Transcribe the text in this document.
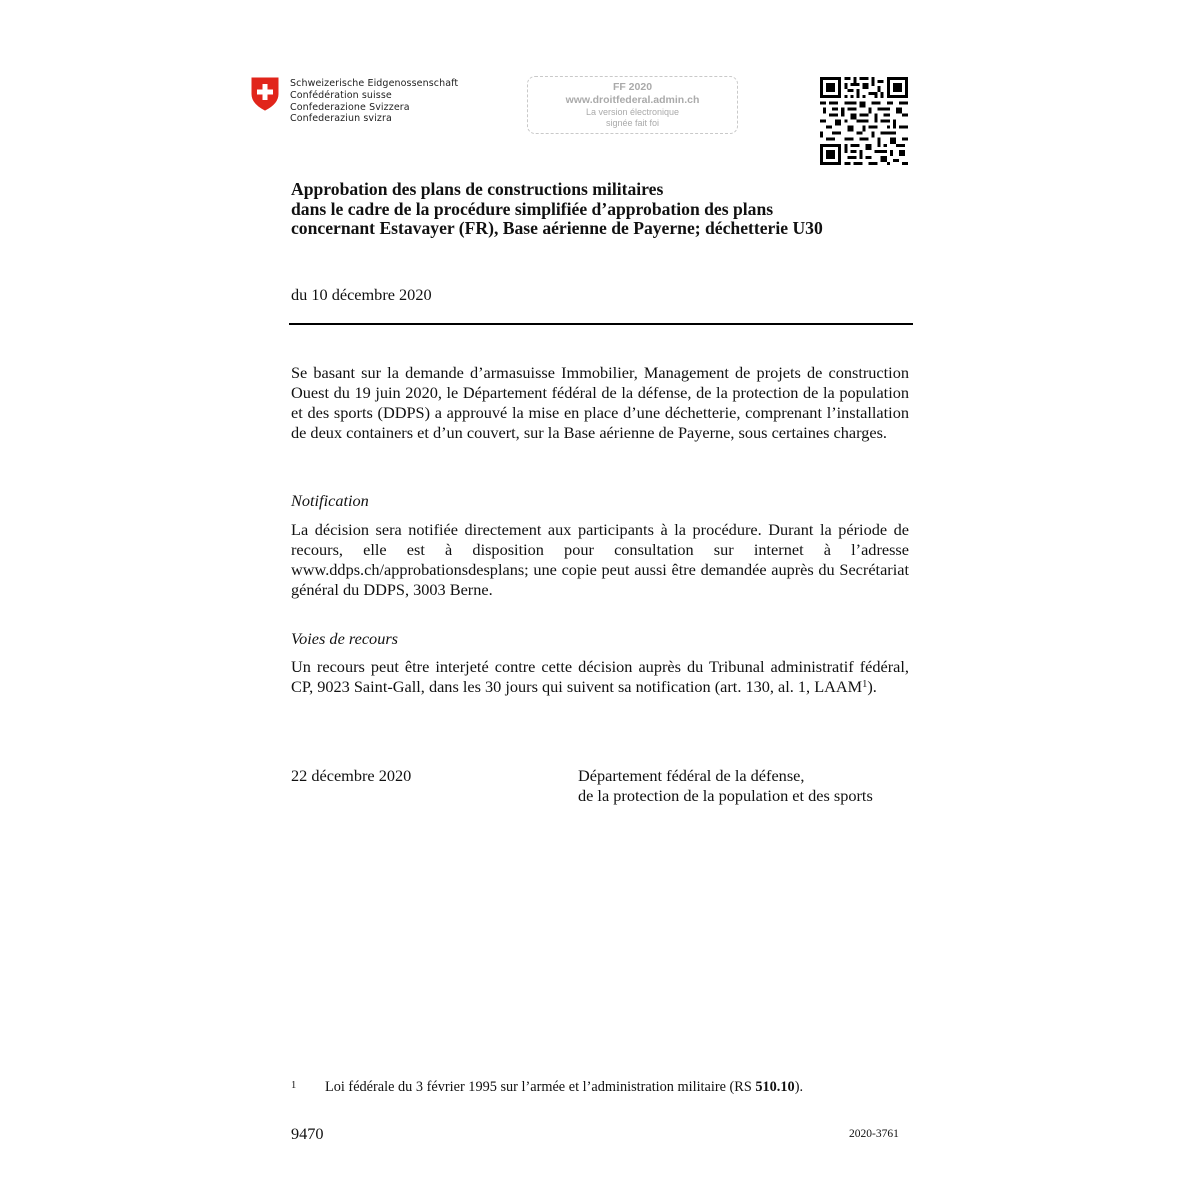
Schweizerische Eidgenossenschaft
Confédération suisse
Confederazione Svizzera
Confederaziun svizra
FF 2020
www.droitfederal.admin.ch
La version électronique
signée fait foi
Approbation des plans de constructions militaires
dans le cadre de la procédure simplifiée d’approbation des plans
concernant Estavayer (FR), Base aérienne de Payerne; déchetterie U30
du 10 décembre 2020
Se basant sur la demande d’armasuisse Immobilier, Management de projets de construction Ouest du 19 juin 2020, le Département fédéral de la défense, de la protection de la population et des sports (DDPS) a approuvé la mise en place d’une déchetterie, comprenant l’installation de deux containers et d’un couvert, sur la Base aérienne de Payerne, sous certaines charges.
Notification
La décision sera notifiée directement aux participants à la procédure. Durant la période de recours, elle est à disposition pour consultation sur internet à l’adresse www.ddps.ch/approbationsdesplans; une copie peut aussi être demandée auprès du Secrétariat général du DDPS, 3003 Berne.
Voies de recours
Un recours peut être interjeté contre cette décision auprès du Tribunal administratif fédéral, CP, 9023 Saint-Gall, dans les 30 jours qui suivent sa notification (art. 130, al. 1, LAAM$^1$).
22 décembre 2020	Département fédéral de la défense,
de la protection de la population et des sports
1 Loi fédérale du 3 février 1995 sur l’armée et l’administration militaire (RS 510.10).
9470	2020-3761
